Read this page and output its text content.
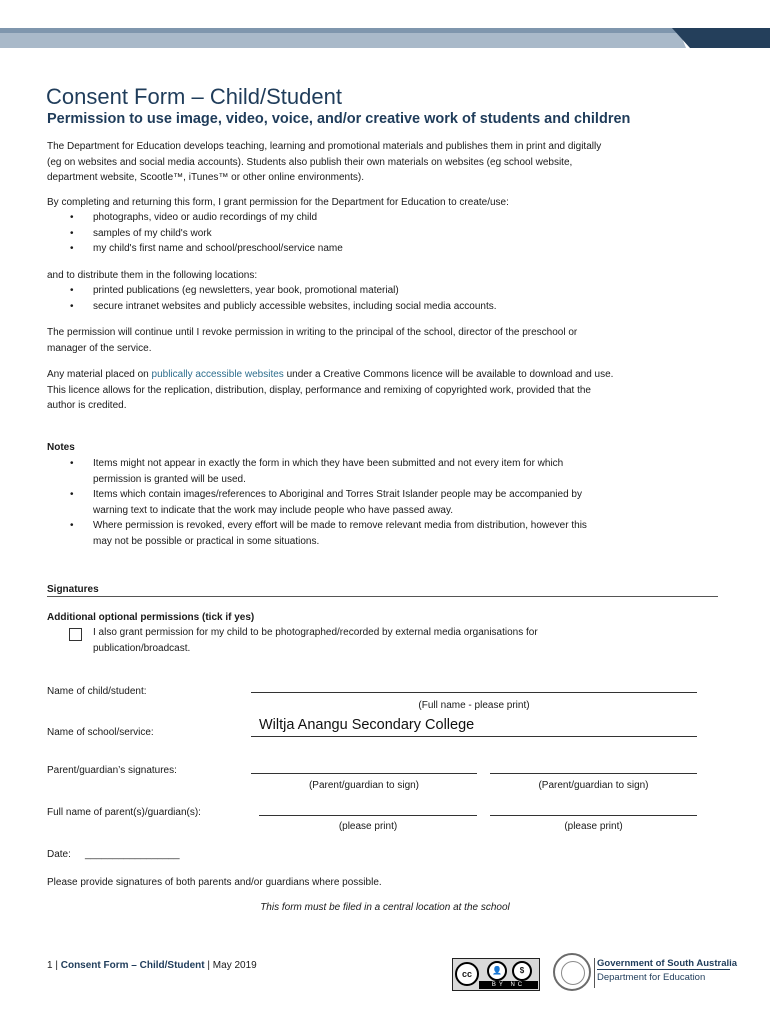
Consent Form – Child/Student
Permission to use image, video, voice, and/or creative work of students and children
The Department for Education develops teaching, learning and promotional materials and publishes them in print and digitally
(eg on websites and social media accounts). Students also publish their own materials on websites (eg school website,
department website, Scootle™, iTunes™ or other online environments).
By completing and returning this form, I grant permission for the Department for Education to create/use:
• photographs, video or audio recordings of my child
• samples of my child's work
• my child's first name and school/preschool/service name
and to distribute them in the following locations:
• printed publications (eg newsletters, year book, promotional material)
• secure intranet websites and publicly accessible websites, including social media accounts.
The permission will continue until I revoke permission in writing to the principal of the school, director of the preschool or
manager of the service.
Any material placed on publically accessible websites under a Creative Commons licence will be available to download and use.
This licence allows for the replication, distribution, display, performance and remixing of copyrighted work, provided that the
author is credited.
Notes
• Items might not appear in exactly the form in which they have been submitted and not every item for which
permission is granted will be used.
• Items which contain images/references to Aboriginal and Torres Strait Islander people may be accompanied by
warning text to indicate that the work may include people who have passed away.
• Where permission is revoked, every effort will be made to remove relevant media from distribution, however this
may not be possible or practical in some situations.
Signatures
Additional optional permissions (tick if yes)
I also grant permission for my child to be photographed/recorded by external media organisations for
publication/broadcast.
Name of child/student:
(Full name - please print)
Name of school/service:	Wiltja Anangu Secondary College
Parent/guardian’s signatures:
(Parent/guardian to sign)	(Parent/guardian to sign)
Full name of parent(s)/guardian(s):
(please print)	(please print)
Date: _________________
Please provide signatures of both parents and/or guardians where possible.
This form must be filed in a central location at the school
1 | Consent Form – Child/Student | May 2019
cc	👤	$
BY NC
Government of South Australia
Department for Education
